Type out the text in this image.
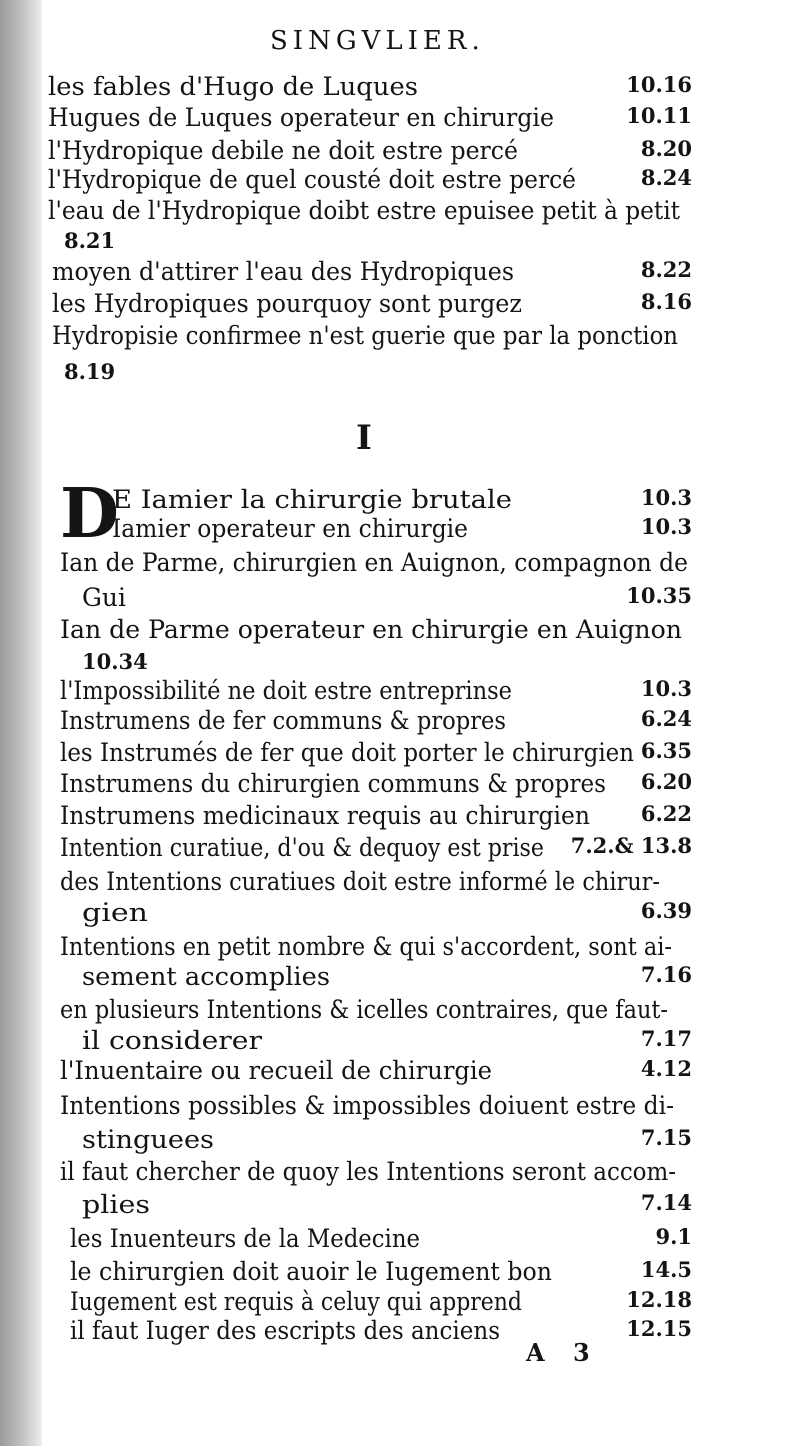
SINGVLIER.
les fables d'Hugo de Luques	10.16
Hugues de Luques operateur en chirurgie	10.11
l'Hydropique debile ne doit estre percé	8.20
l'Hydropique de quel cousté doit estre percé	8.24
l'eau de l'Hydropique doibt estre epuisee petit à petit
8.21
moyen d'attirer l'eau des Hydropiques	8.22
les Hydropiques pourquoy sont purgez	8.16
Hydropisie confirmee n'est guerie que par la ponction
8.19
E Iamier la chirurgie brutale	10.3
Iamier operateur en chirurgie	10.3
Ian de Parme, chirurgien en Auignon, compagnon de
Gui	10.35
Ian de Parme operateur en chirurgie en Auignon
10.34
l'Impossibilité ne doit estre entreprinse	10.3
Instrumens de fer communs & propres	6.24
les Instrumés de fer que doit porter le chirurgien 6.35
Instrumens du chirurgien communs & propres 6.20
Instrumens medicinaux requis au chirurgien 6.22
Intention curatiue, d'ou & dequoy est prise 7.2.& 13.8
des Intentions curatiues doit estre informé le chirur-
gien	6.39
Intentions en petit nombre & qui s'accordent, sont ai-
sement accomplies	7.16
en plusieurs Intentions & icelles contraires, que faut-
il considerer	7.17
l'Inuentaire ou recueil de chirurgie	4.12
Intentions possibles & impossibles doiuent estre di-
stinguees	7.15
il faut chercher de quoy les Intentions seront accom-
plies	7.14
les Inuenteurs de la Medecine	9.1
le chirurgien doit auoir le Iugement bon	14.5
Iugement est requis à celuy qui apprend	12.18
il faut Iuger des escripts des anciens	12.15
I
D
A 3
